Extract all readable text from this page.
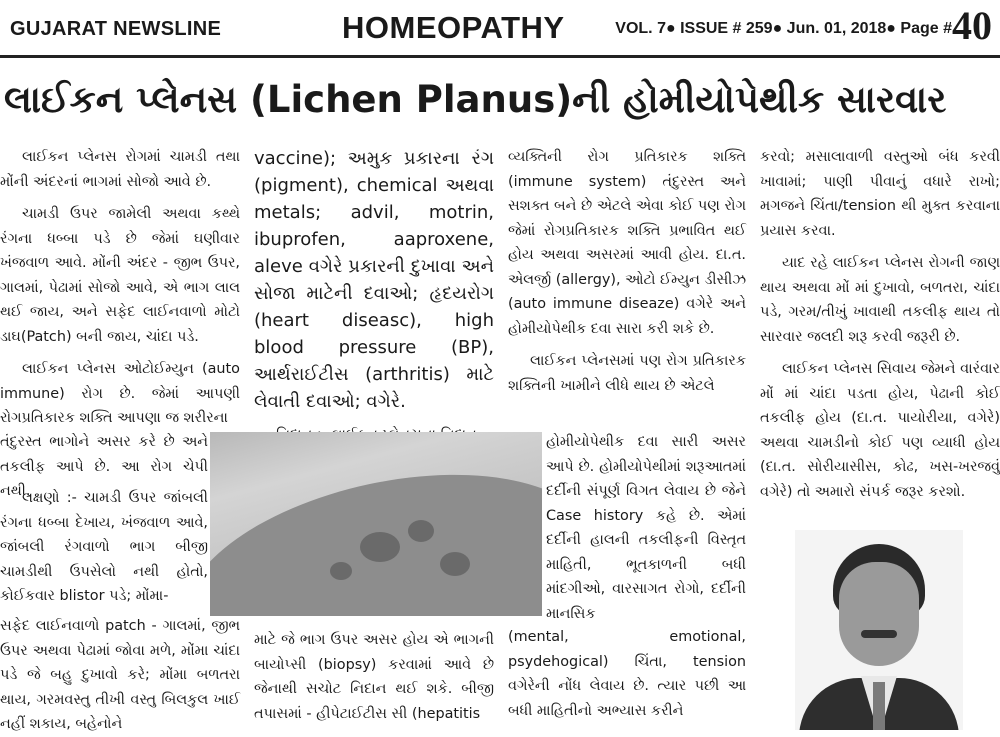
GUJARAT NEWSLINE	HOMEOPATHY	VOL. 7● ISSUE # 259● Jun. 01, 2018● Page #40
લાઈકન પ્લેનસ (Lichen Planus)ની હોમીયોપેથીક સારવાર

લાઈકન પ્લેનસ રોગમાં ચામડી તથા મોંની અંદરનાં ભાગમાં સોજો આવે છે.

ચામડી ઉપર જામેલી અથવા કથ્થે રંગના ધબ્બા પડે છે જેમાં ઘણીવાર ખંજવાળ આવે. મોંની અંદર - જીભ ઉપર, ગાલમાં, પેઢામાં સોજો આવે, એ ભાગ લાલ થઈ જાય, અને સફેદ લાઈનવાળો મોટો ડાઘ(Patch) બની જાય, ચાંદા પડે.

લાઈકન પ્લેનસ ઓટોઈમ્યુન (auto immune) રોગ છે. જેમાં આપણી રોગપ્રતિકારક શક્તિ આપણા જ શરીરના

તંદુરસ્ત ભાગોને અસર કરે છે અને તકલીફ આપે છે. આ રોગ ચેપી નથી.
લક્ષણો :- ચામડી ઉપર જાંબલી રંગના ધબ્બા દેખાય, ખંજવાળ આવે, જાંબલી રંગવાળો ભાગ બીજી ચામડીથી ઉપસેલો નથી હોતો, કોઈકવાર blistor પડે; મોંમા-
સફેદ લાઈનવાળો patch - ગાલમાં, જીભ ઉપર અથવા પેઢામાં જોવા મળે, મોંમા ચાંદા પડે જે બહુ દુખાવો કરે; મોંમા બળતરા થાય, ગરમવસ્તુ તીખી વસ્તુ બિલકુલ ખાઈ નહીં શકાય, બહેનોને

vaccine); અમુક પ્રકારના રંગ (pigment), chemical અથવા metals; advil, motrin, ibuprofen, aaproxene, aleve વગેરે પ્રકારની દુખાવા અને સોજા માટેની દવાઓ; હૃદયરોગ (heart diseasc), high blood pressure (BP), આર્થરાઈટીસ (arthritis) માટે લેવાતી દવાઓ; વગેરે.

માટે જે ભાગ ઉપર અસર હોય એ ભાગની બાયોપ્સી (biopsy) કરવામાં આવે છે જેનાથી સચોટ નિદાન થઈ શકે. બીજી તપાસમાં - હીપેટાઈટીસ સી (hepatitis

વ્યક્તિની રોગ પ્રતિકારક શક્તિ (immune system) તંદુરસ્ત અને સશક્ત બને છે એટલે એવા કોઈ પણ રોગ જેમાં રોગપ્રતિકારક શક્તિ પ્રભાવિત થઈ હોય અથવા અસરમાં આવી હોય. દા.ત. એલર્જી (allergy), ઓટો ઈમ્યુન ડીસીઝ (auto immune diseaze) વગેરે અને હોમીયોપેથીક દવા સારા કરી શકે છે.

લાઈકન પ્લેનસમાં પણ રોગ પ્રતિકારક શક્તિની ખામીને લીધે થાય છે એટલે

હોમીયોપેથીક દવા સારી અસર આપે છે. હોમીયોપેથીમાં શરૂઆતમાં દર્દીની સંપૂર્ણ વિગત લેવાય છે જેને Case history કહે છે. એમાં દર્દીની હાલની તકલીફની વિસ્તૃત માહિતી, ભૂતકાળની બધી માંદગીઓ, વારસાગત રોગો, દર્દીની માનસિક
(mental, emotional, psydehogical) ચિંતા, tension વગેરેની નોંધ લેવાય છે. ત્યાર પછી આ બધી માહિતીનો અભ્યાસ કરીને

કરવો; મસાલાવાળી વસ્તુઓ બંધ કરવી ખાવામાં; પાણી પીવાનું વધારે રાખો; મગજને ચિંતા/tension થી મુક્ત કરવાના પ્રયાસ કરવા.

યાદ રહે લાઈકન પ્લેનસ રોગની જાણ થાય અથવા મોં માં દુખાવો, બળતરા, ચાંદા પડે, ગરમ/તીખું ખાવાથી તકલીફ થાય તો સારવાર જલદી શરૂ કરવી જરૂરી છે.

લાઈકન પ્લેનસ સિવાય જેમને વારંવાર મોં માં ચાંદા પડતા હોય, પેઢાની કોઈ તકલીફ હોય (દા.ત. પાયોરીયા, વગેરે) અથવા ચામડીનો કોઈ પણ વ્યાધી હોય (દા.ત. સોરીયાસીસ, કોઢ, ખસ-ખરજવું વગેરે) તો અમારો સંપર્ક જરૂર કરશો.
